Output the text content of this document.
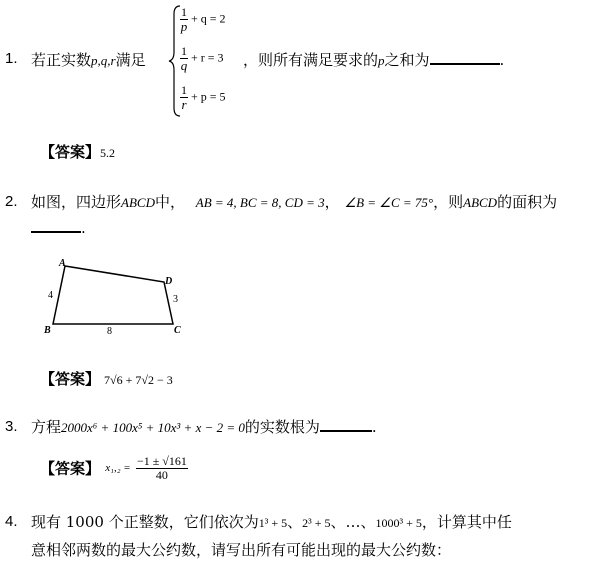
1. 若正实数p,q,r满足
$\frac{1}{p} + q = 2$
$\frac{1}{q} + r = 3$
$\frac{1}{r} + p = 5$
，则所有满足要求的p之和为	.
【答案】5.2
2. 如图，四边形ABCD中， AB = 4, BC = 8, CD = 3， ∠B = ∠C = 75°，则ABCD的面积为
.
A
B	C
D
4
8
3
【答案】 7√6 + 7√2 − 3
3. 方程2000x⁶ + 100x⁵ + 10x³ + x − 2 = 0的实数根为	.
【答案】 $x_1,_2 = \frac{-1 \pm √161}{40}$
4. 现有 1000 个正整数，它们依次为1³ + 5、2³ + 5、…、1000³ + 5，计算其中任
意相邻两数的最大公约数，请写出所有可能出现的最大公约数：
